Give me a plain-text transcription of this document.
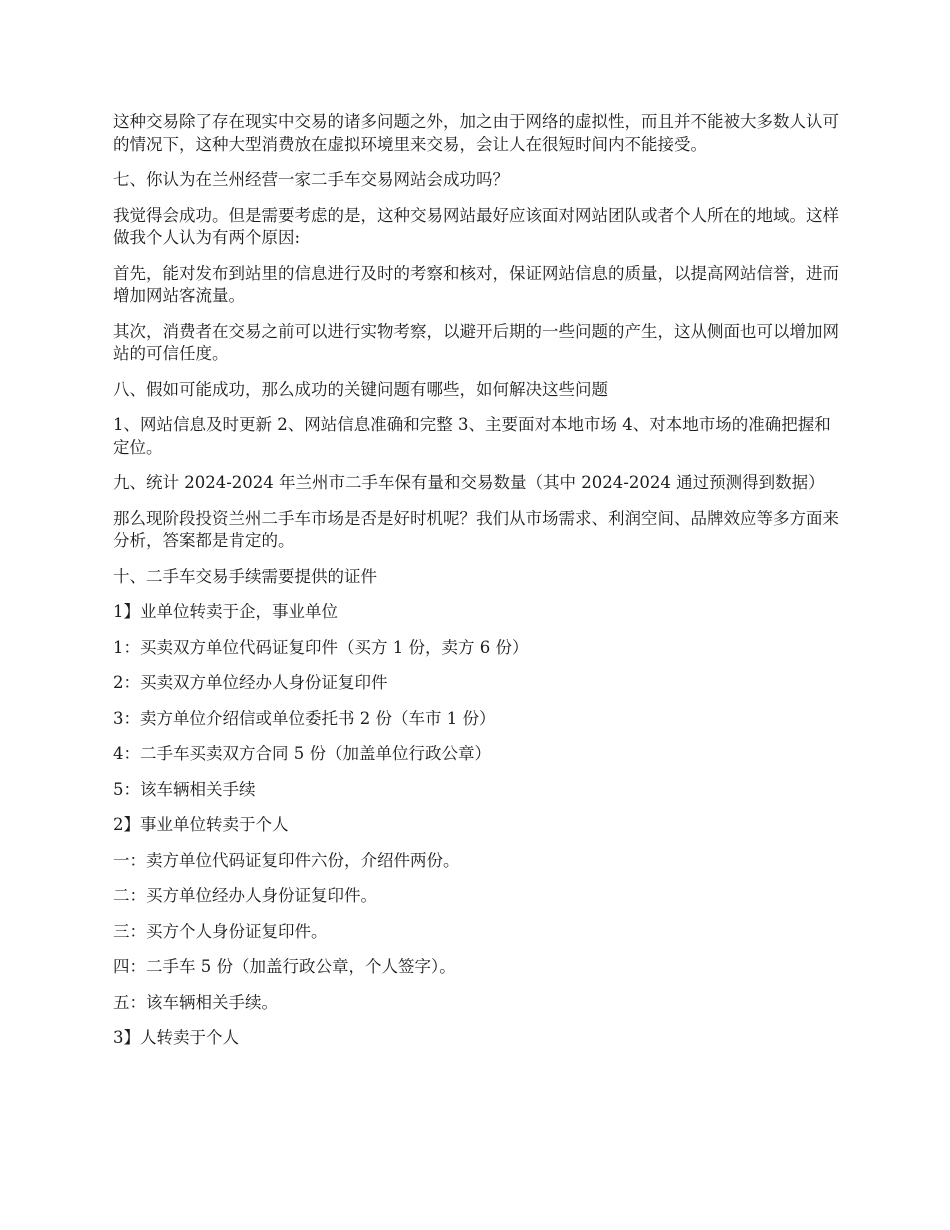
这种交易除了存在现实中交易的诸多问题之外，加之由于网络的虚拟性，而且并不能被大多数人认可的情况下，这种大型消费放在虚拟环境里来交易，会让人在很短时间内不能接受。

七、你认为在兰州经营一家二手车交易网站会成功吗？

我觉得会成功。但是需要考虑的是，这种交易网站最好应该面对网站团队或者个人所在的地域。这样做我个人认为有两个原因:

首先，能对发布到站里的信息进行及时的考察和核对，保证网站信息的质量，以提高网站信誉，进而增加网站客流量。

其次，消费者在交易之前可以进行实物考察，以避开后期的一些问题的产生，这从侧面也可以增加网站的可信任度。

八、假如可能成功，那么成功的关键问题有哪些，如何解决这些问题

1、网站信息及时更新 2、网站信息准确和完整 3、主要面对本地市场 4、对本地市场的准确把握和定位。

九、统计 2024-2024 年兰州市二手车保有量和交易数量（其中 2024-2024 通过预测得到数据）

那么现阶段投资兰州二手车市场是否是好时机呢？我们从市场需求、利润空间、品牌效应等多方面来分析，答案都是肯定的。

十、二手车交易手续需要提供的证件

1】业单位转卖于企，事业单位

1：买卖双方单位代码证复印件（买方 1 份，卖方 6 份）

2：买卖双方单位经办人身份证复印件

3：卖方单位介绍信或单位委托书 2 份（车市 1 份）

4：二手车买卖双方合同 5 份（加盖单位行政公章）

5：该车辆相关手续

2】事业单位转卖于个人

一：卖方单位代码证复印件六份，介绍件两份。

二：买方单位经办人身份证复印件。

三：买方个人身份证复印件。

四：二手车 5 份（加盖行政公章，个人签字）。

五：该车辆相关手续。

3】人转卖于个人
